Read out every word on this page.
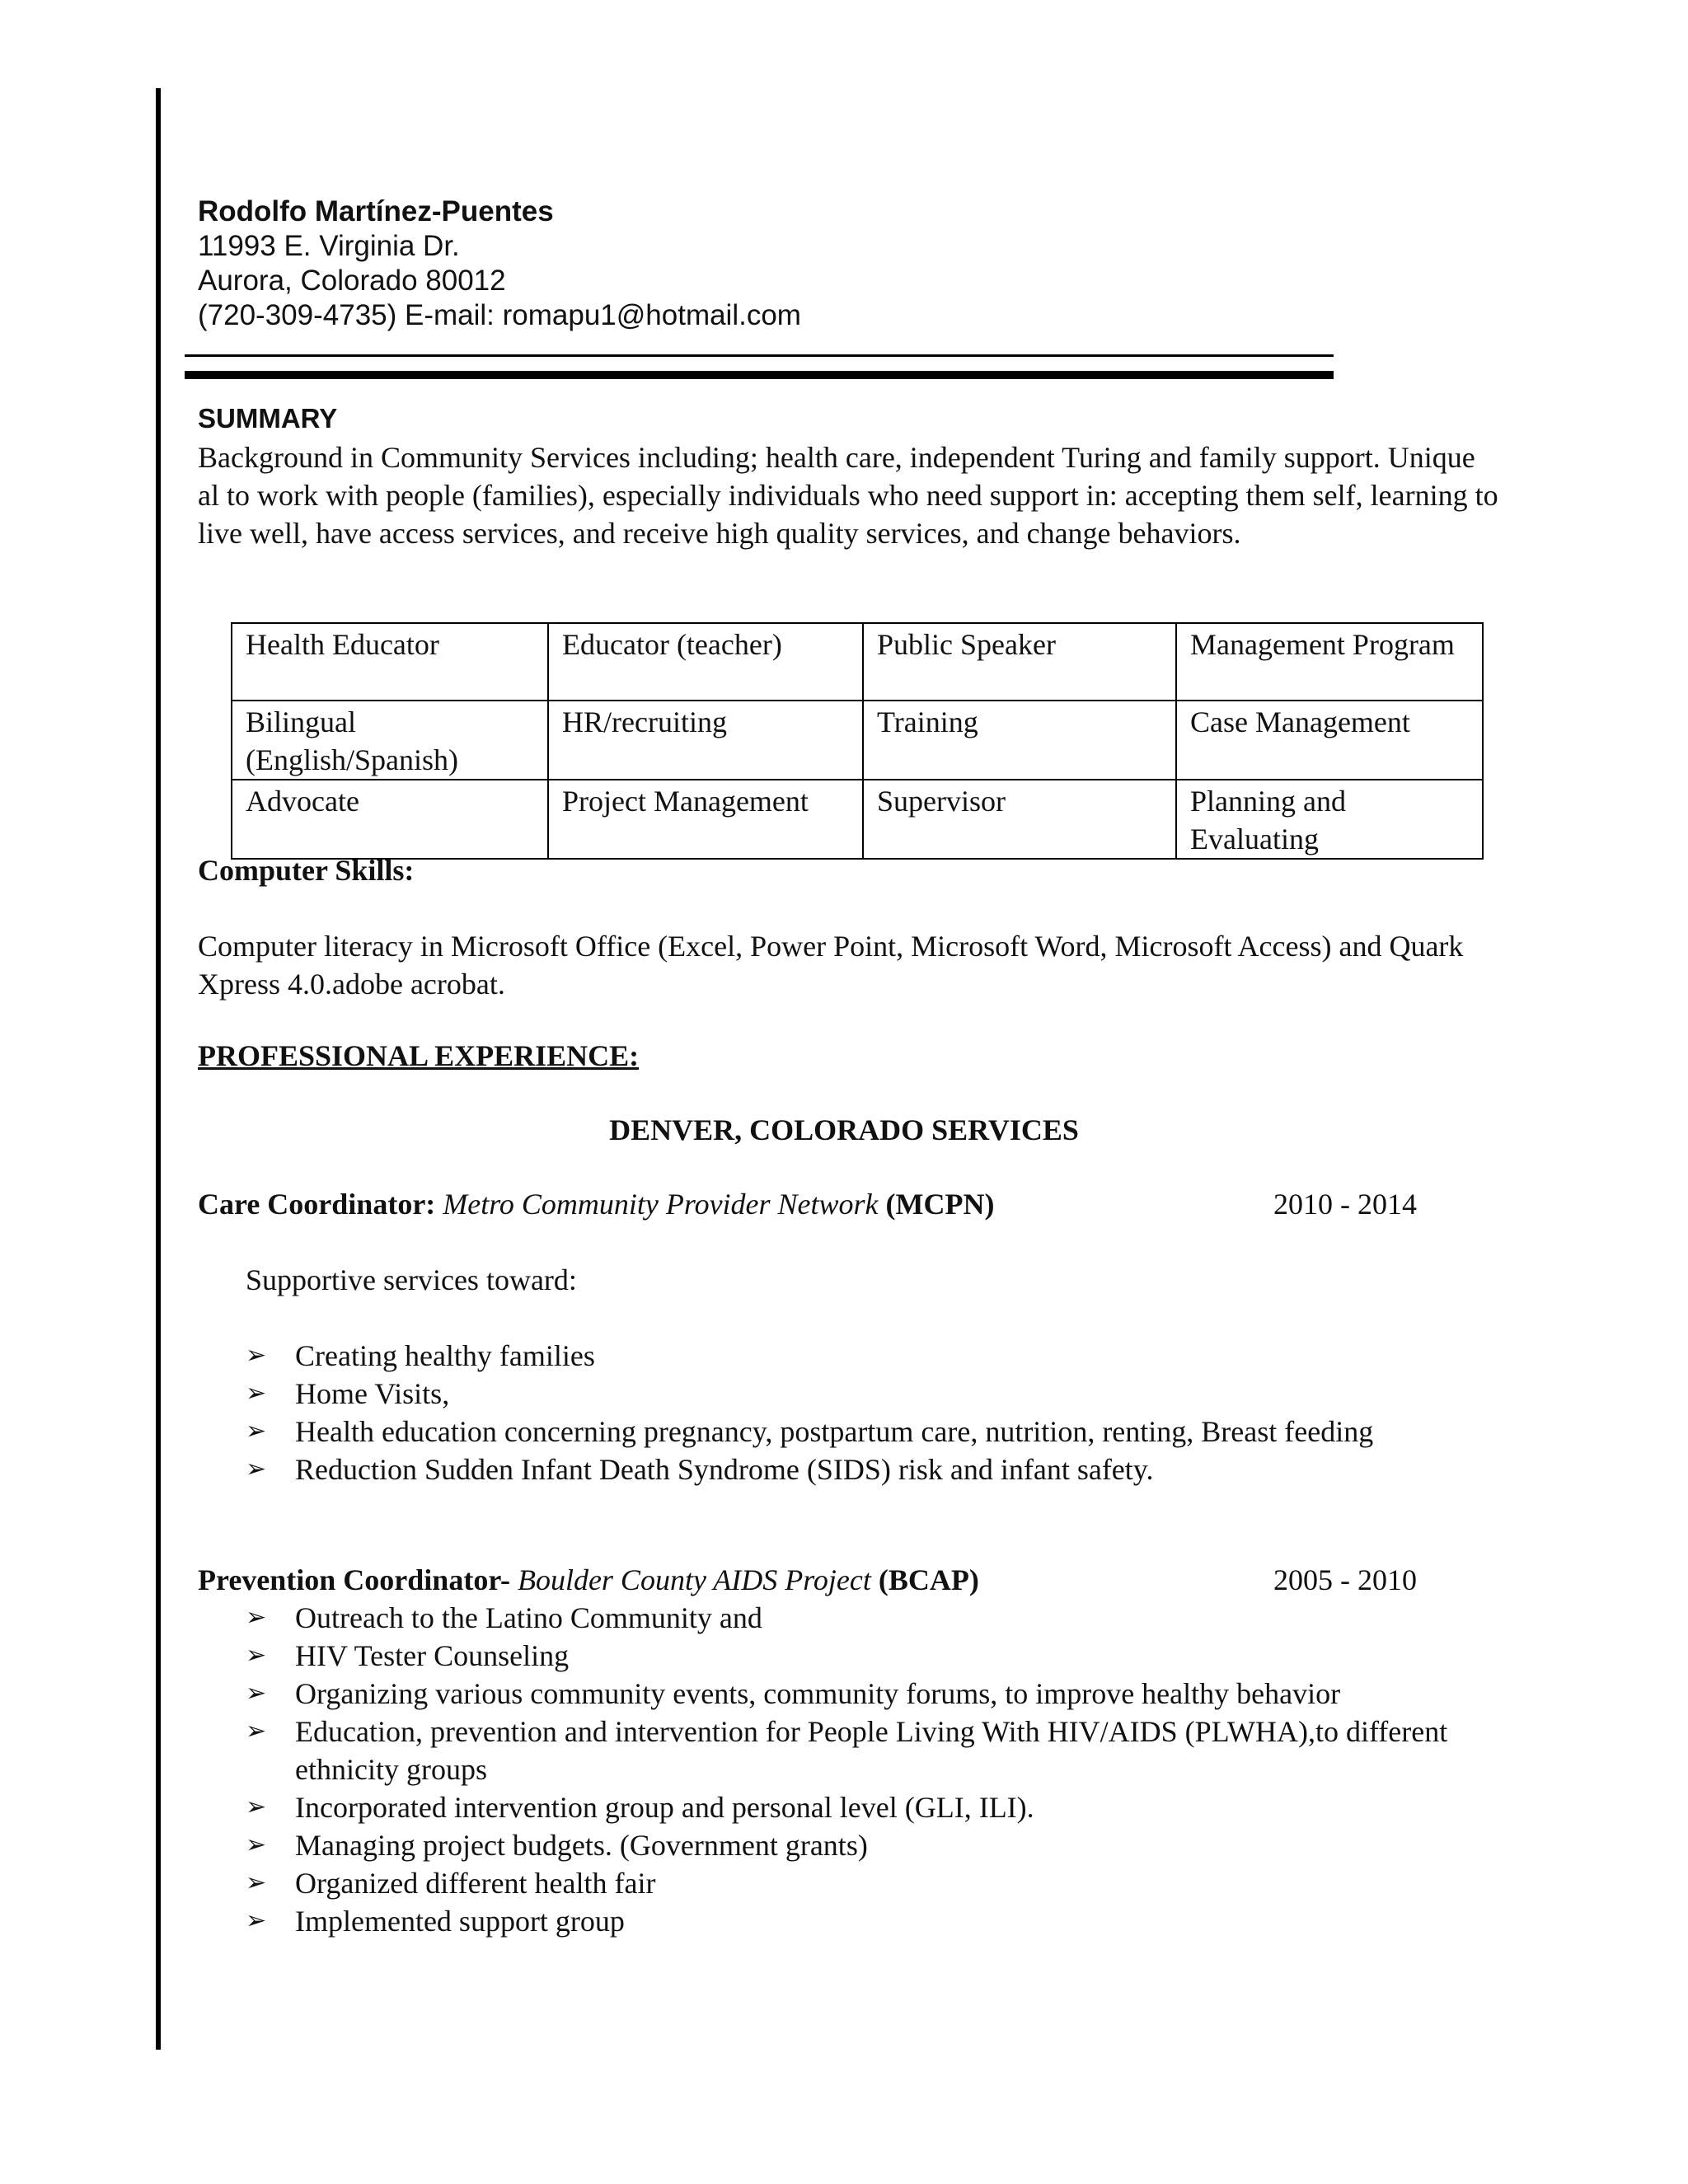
Rodolfo Martínez-Puentes
11993 E. Virginia Dr.
Aurora, Colorado 80012
(720-309-4735) E-mail: romapu1@hotmail.com
SUMMARY
Background in Community Services including; health care, independent Turing and family support. Unique al to work with people (families), especially individuals who need support in: accepting them self, learning to live well, have access services, and receive high quality services, and change behaviors.
Health Educator	Educator (teacher)	Public Speaker	Management Program
Bilingual (English/Spanish)	HR/recruiting	Training	Case Management
Advocate	Project Management	Supervisor	Planning and Evaluating
Computer Skills:
Computer literacy in Microsoft Office (Excel, Power Point, Microsoft Word, Microsoft Access) and Quark Xpress 4.0.adobe acrobat.
PROFESSIONAL EXPERIENCE:
DENVER, COLORADO SERVICES
Care Coordinator: Metro Community Provider Network (MCPN)	2010 - 2014
Supportive services toward:
➢ Creating healthy families
➢ Home Visits,
➢ Health education concerning pregnancy, postpartum care, nutrition, renting, Breast feeding
➢ Reduction Sudden Infant Death Syndrome (SIDS) risk and infant safety.
Prevention Coordinator- Boulder County AIDS Project (BCAP)	2005 - 2010
➢ Outreach to the Latino Community and
➢ HIV Tester Counseling
➢ Organizing various community events, community forums, to improve healthy behavior
➢ Education, prevention and intervention for People Living With HIV/AIDS (PLWHA),to different ethnicity groups
➢ Incorporated intervention group and personal level (GLI, ILI).
➢ Managing project budgets. (Government grants)
➢ Organized different health fair
➢ Implemented support group
